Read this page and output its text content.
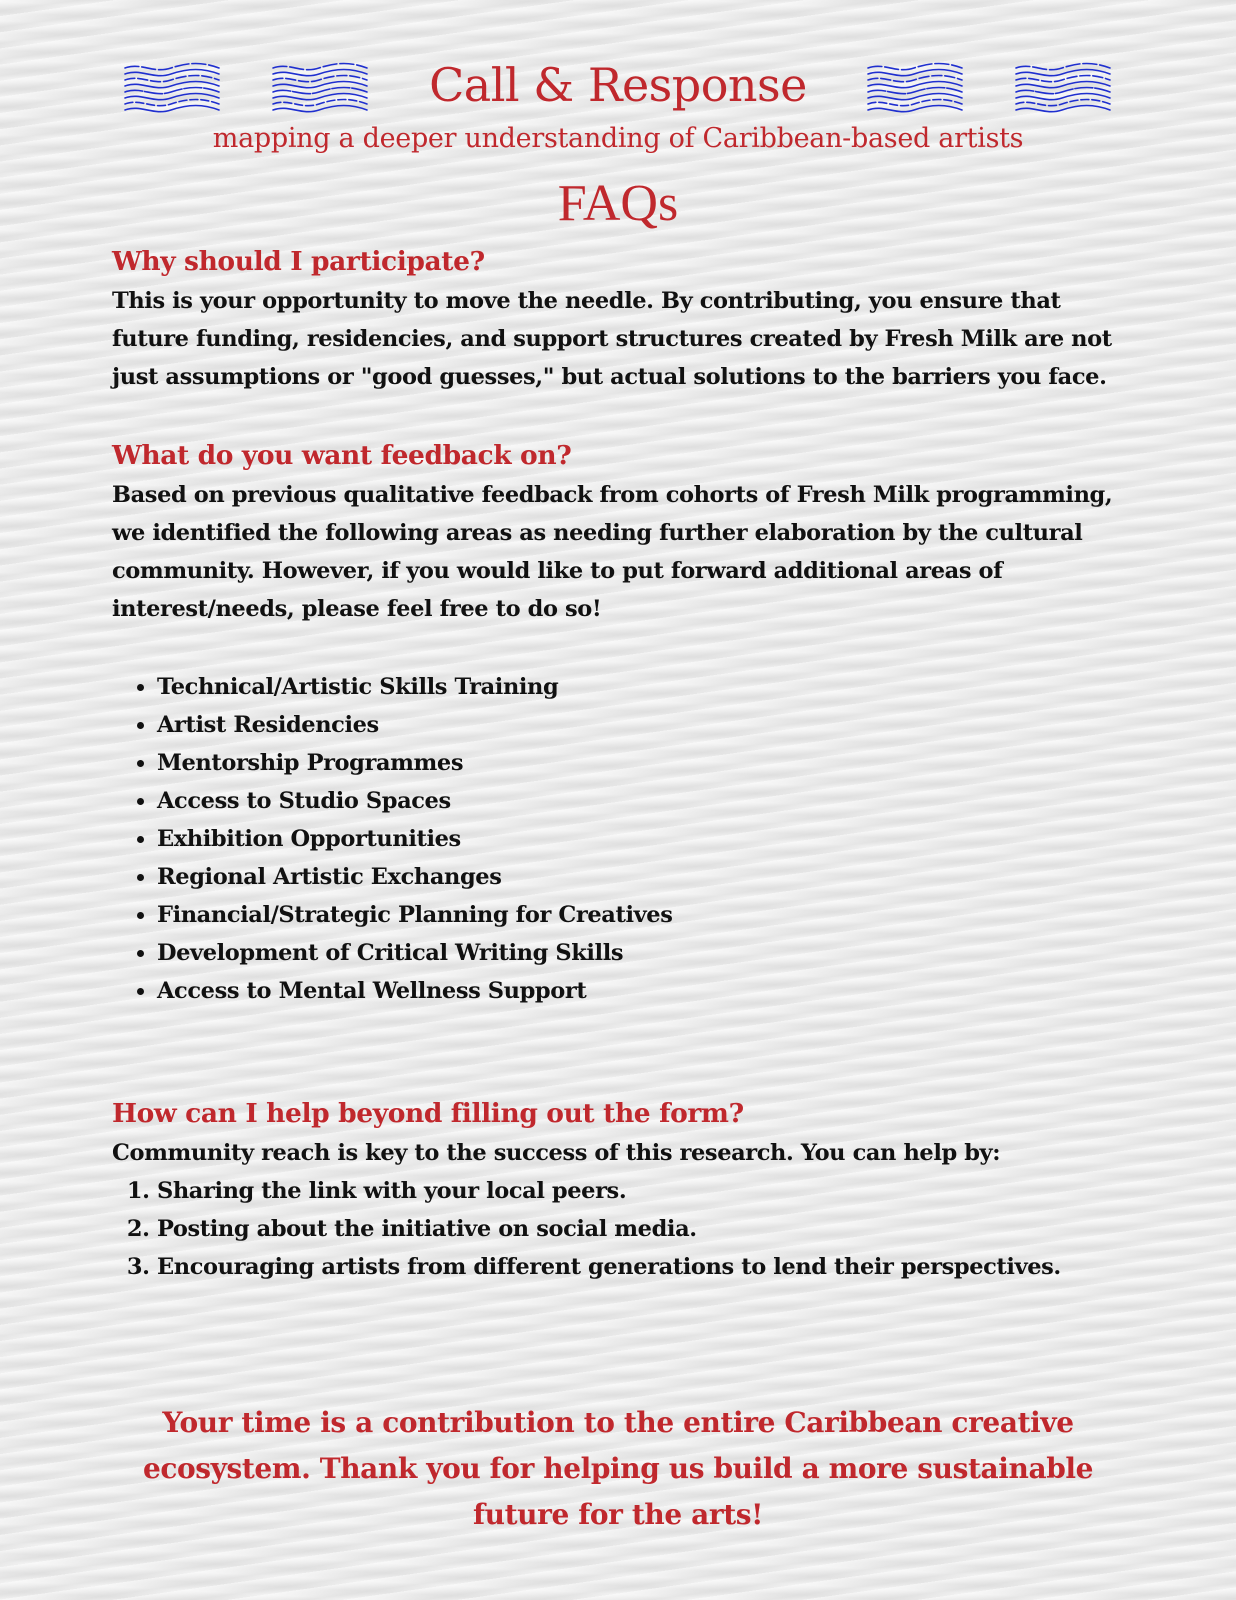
Call & Response
mapping a deeper understanding of Caribbean-based artists
FAQs
Why should I participate?

This is your opportunity to move the needle. By contributing, you ensure that future funding, residencies, and support structures created by Fresh Milk are not just assumptions or "good guesses," but actual solutions to the barriers you face.

What do you want feedback on?

Based on previous qualitative feedback from cohorts of Fresh Milk programming, we identified the following areas as needing further elaboration by the cultural community. However, if you would like to put forward additional areas of interest/needs, please feel free to do so!

• Technical/Artistic Skills Training
• Artist Residencies
• Mentorship Programmes
• Access to Studio Spaces
• Exhibition Opportunities
• Regional Artistic Exchanges
• Financial/Strategic Planning for Creatives
• Development of Critical Writing Skills
• Access to Mental Wellness Support
How can I help beyond filling out the form?

Community reach is key to the success of this research. You can help by:

1. Sharing the link with your local peers.
2. Posting about the initiative on social media.
3. Encouraging artists from different generations to lend their perspectives.
Your time is a contribution to the entire Caribbean creative ecosystem. Thank you for helping us build a more sustainable future for the arts!
